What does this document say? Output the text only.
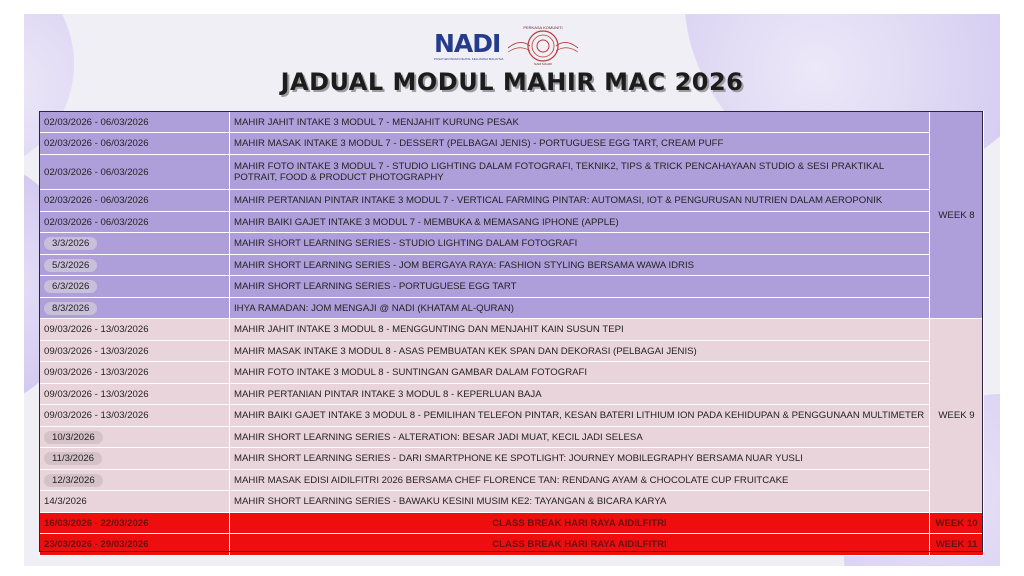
NADI
PUSAT EKONOMI DIGITAL KELUARGA MALAYSIA
PERKASA KOMUNITI
NADI MAHIR
JADUAL MODUL MAHIR MAC 2026
02/03/2026 - 06/03/2026	MAHIR JAHIT INTAKE 3 MODUL 7 - MENJAHIT KURUNG PESAK	WEEK 8
02/03/2026 - 06/03/2026	MAHIR MASAK INTAKE 3 MODUL 7 - DESSERT (PELBAGAI JENIS) - PORTUGUESE EGG TART, CREAM PUFF	
02/03/2026 - 06/03/2026	MAHIR FOTO INTAKE 3 MODUL 7 - STUDIO LIGHTING DALAM FOTOGRAFI, TEKNIK2, TIPS & TRICK PENCAHAYAAN STUDIO & SESI PRAKTIKAL POTRAIT, FOOD & PRODUCT PHOTOGRAPHY	
02/03/2026 - 06/03/2026	MAHIR PERTANIAN PINTAR INTAKE 3 MODUL 7 - VERTICAL FARMING PINTAR: AUTOMASI, IOT & PENGURUSAN NUTRIEN DALAM AEROPONIK	
02/03/2026 - 06/03/2026	MAHIR BAIKI GAJET INTAKE 3 MODUL 7 - MEMBUKA & MEMASANG IPHONE (APPLE)	
3/3/2026	MAHIR SHORT LEARNING SERIES - STUDIO LIGHTING DALAM FOTOGRAFI	
5/3/2026	MAHIR SHORT LEARNING SERIES - JOM BERGAYA RAYA: FASHION STYLING BERSAMA WAWA IDRIS	
6/3/2026	MAHIR SHORT LEARNING SERIES - PORTUGUESE EGG TART	
8/3/2026	IHYA RAMADAN: JOM MENGAJI @ NADI (KHATAM AL-QURAN)	
09/03/2026 - 13/03/2026	MAHIR JAHIT INTAKE 3 MODUL 8 - MENGGUNTING DAN MENJAHIT KAIN SUSUN TEPI	WEEK 9
09/03/2026 - 13/03/2026	MAHIR MASAK INTAKE 3 MODUL 8 - ASAS PEMBUATAN KEK SPAN DAN DEKORASI (PELBAGAI JENIS)	
09/03/2026 - 13/03/2026	MAHIR FOTO INTAKE 3 MODUL 8 - SUNTINGAN GAMBAR DALAM FOTOGRAFI	
09/03/2026 - 13/03/2026	MAHIR PERTANIAN PINTAR INTAKE 3 MODUL 8 - KEPERLUAN BAJA	
09/03/2026 - 13/03/2026	MAHIR BAIKI GAJET INTAKE 3 MODUL 8 - PEMILIHAN TELEFON PINTAR, KESAN BATERI LITHIUM ION PADA KEHIDUPAN & PENGGUNAAN MULTIMETER	
10/3/2026	MAHIR SHORT LEARNING SERIES - ALTERATION: BESAR JADI MUAT, KECIL JADI SELESA	
11/3/2026	MAHIR SHORT LEARNING SERIES - DARI SMARTPHONE KE SPOTLIGHT: JOURNEY MOBILEGRAPHY BERSAMA NUAR YUSLI	
12/3/2026	MAHIR MASAK EDISI AIDILFITRI 2026 BERSAMA CHEF FLORENCE TAN: RENDANG AYAM & CHOCOLATE CUP FRUITCAKE	
14/3/2026	MAHIR SHORT LEARNING SERIES - BAWAKU KESINI MUSIM KE2: TAYANGAN & BICARA KARYA	
16/03/2026 - 22/03/2026	CLASS BREAK HARI RAYA AIDILFITRI	WEEK 10
23/03/2026 - 29/03/2026	CLASS BREAK HARI RAYA AIDILFITRI	WEEK 11
